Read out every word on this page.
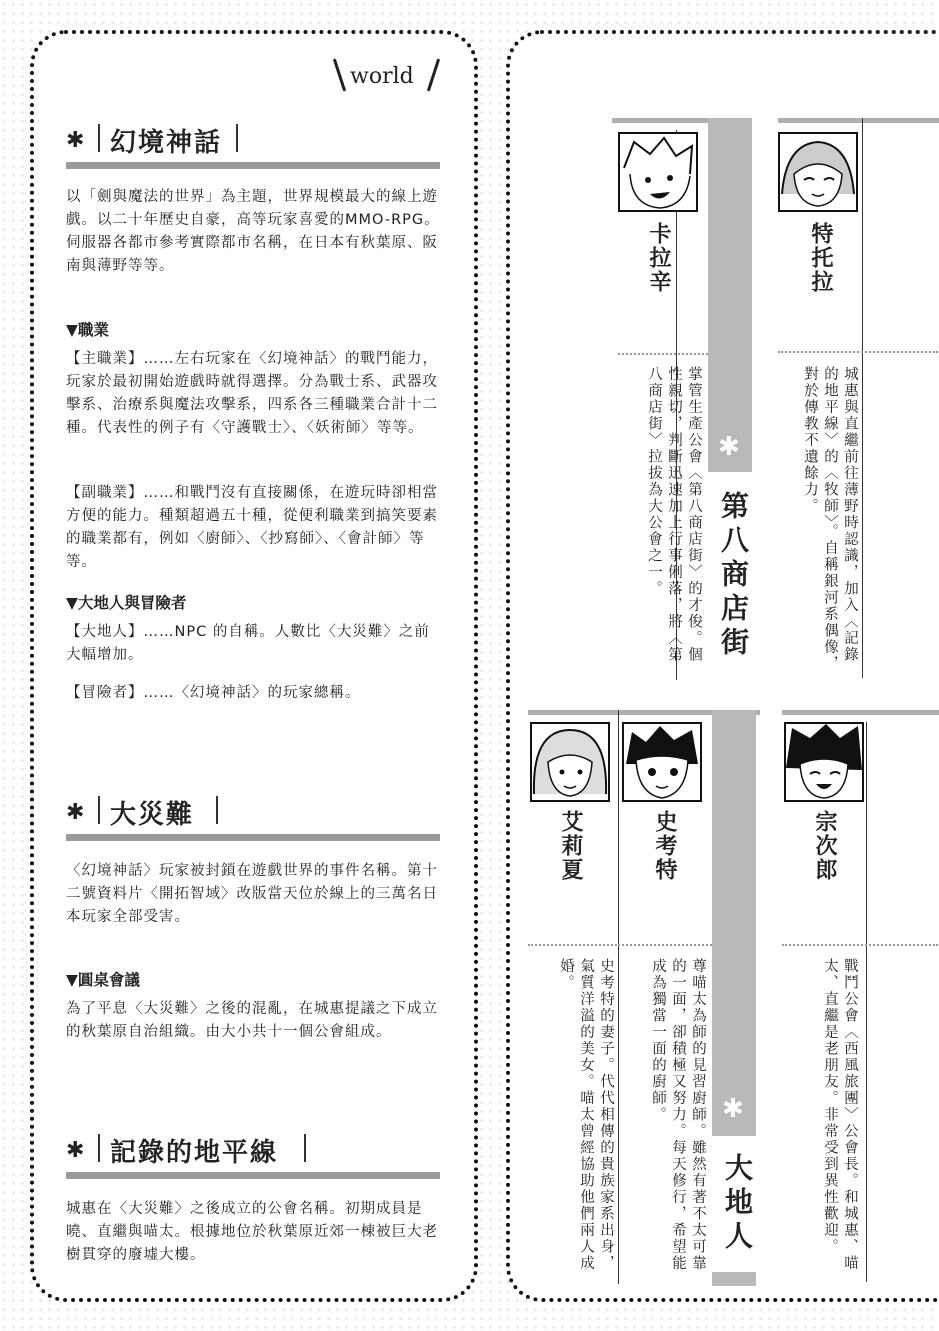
world
✱ 幻境神話

以「劍與魔法的世界」為主題，世界規模最大的線上遊戲。以二十年歷史自豪，高等玩家喜愛的MMO-RPG。伺服器各都市參考實際都市名稱，在日本有秋葉原、阪南與薄野等等。

▼職業

【主職業】……左右玩家在〈幻境神話〉的戰鬥能力，玩家於最初開始遊戲時就得選擇。分為戰士系、武器攻擊系、治療系與魔法攻擊系，四系各三種職業合計十二種。代表性的例子有〈守護戰士〉、〈妖術師〉等等。

【副職業】……和戰鬥沒有直接關係，在遊玩時卻相當方便的能力。種類超過五十種，從便利職業到搞笑要素的職業都有，例如〈廚師〉、〈抄寫師〉、〈會計師〉等等。

▼大地人與冒險者

【大地人】……NPC 的自稱。人數比〈大災難〉之前大幅增加。

【冒險者】……〈幻境神話〉的玩家總稱。

✱ 大災難

〈幻境神話〉玩家被封鎖在遊戲世界的事件名稱。第十二號資料片〈開拓智域〉改版當天位於線上的三萬名日本玩家全部受害。

▼圓桌會議

為了平息〈大災難〉之後的混亂，在城惠提議之下成立的秋葉原自治組織。由大小共十一個公會組成。

✱ 記錄的地平線

城惠在〈大災難〉之後成立的公會名稱。初期成員是曉、直繼與喵太。根據地位於秋葉原近郊一棟被巨大老樹貫穿的廢墟大樓。

✱
第八商店街
✱
大地人
卡拉辛	特托拉
艾莉夏	史考特	宗次郎
掌管生產公會〈第八商店街〉的才俊。個性親切，判斷迅速加上行事俐落，將〈第八商店街〉拉拔為大公會之一。	城惠與直繼前往薄野時認識，加入〈記錄的地平線〉的〈牧師〉。自稱銀河系偶像，對於傳教不遺餘力。
史考特的妻子。代代相傳的貴族家系出身，氣質洋溢的美女。喵太曾經協助他們兩人成婚。	尊喵太為師的見習廚師。雖然有著不太可靠的一面，卻積極又努力。每天修行，希望能成為獨當一面的廚師。	戰鬥公會〈西風旅團〉公會長。和城惠、喵太、直繼是老朋友。非常受到異性歡迎。
